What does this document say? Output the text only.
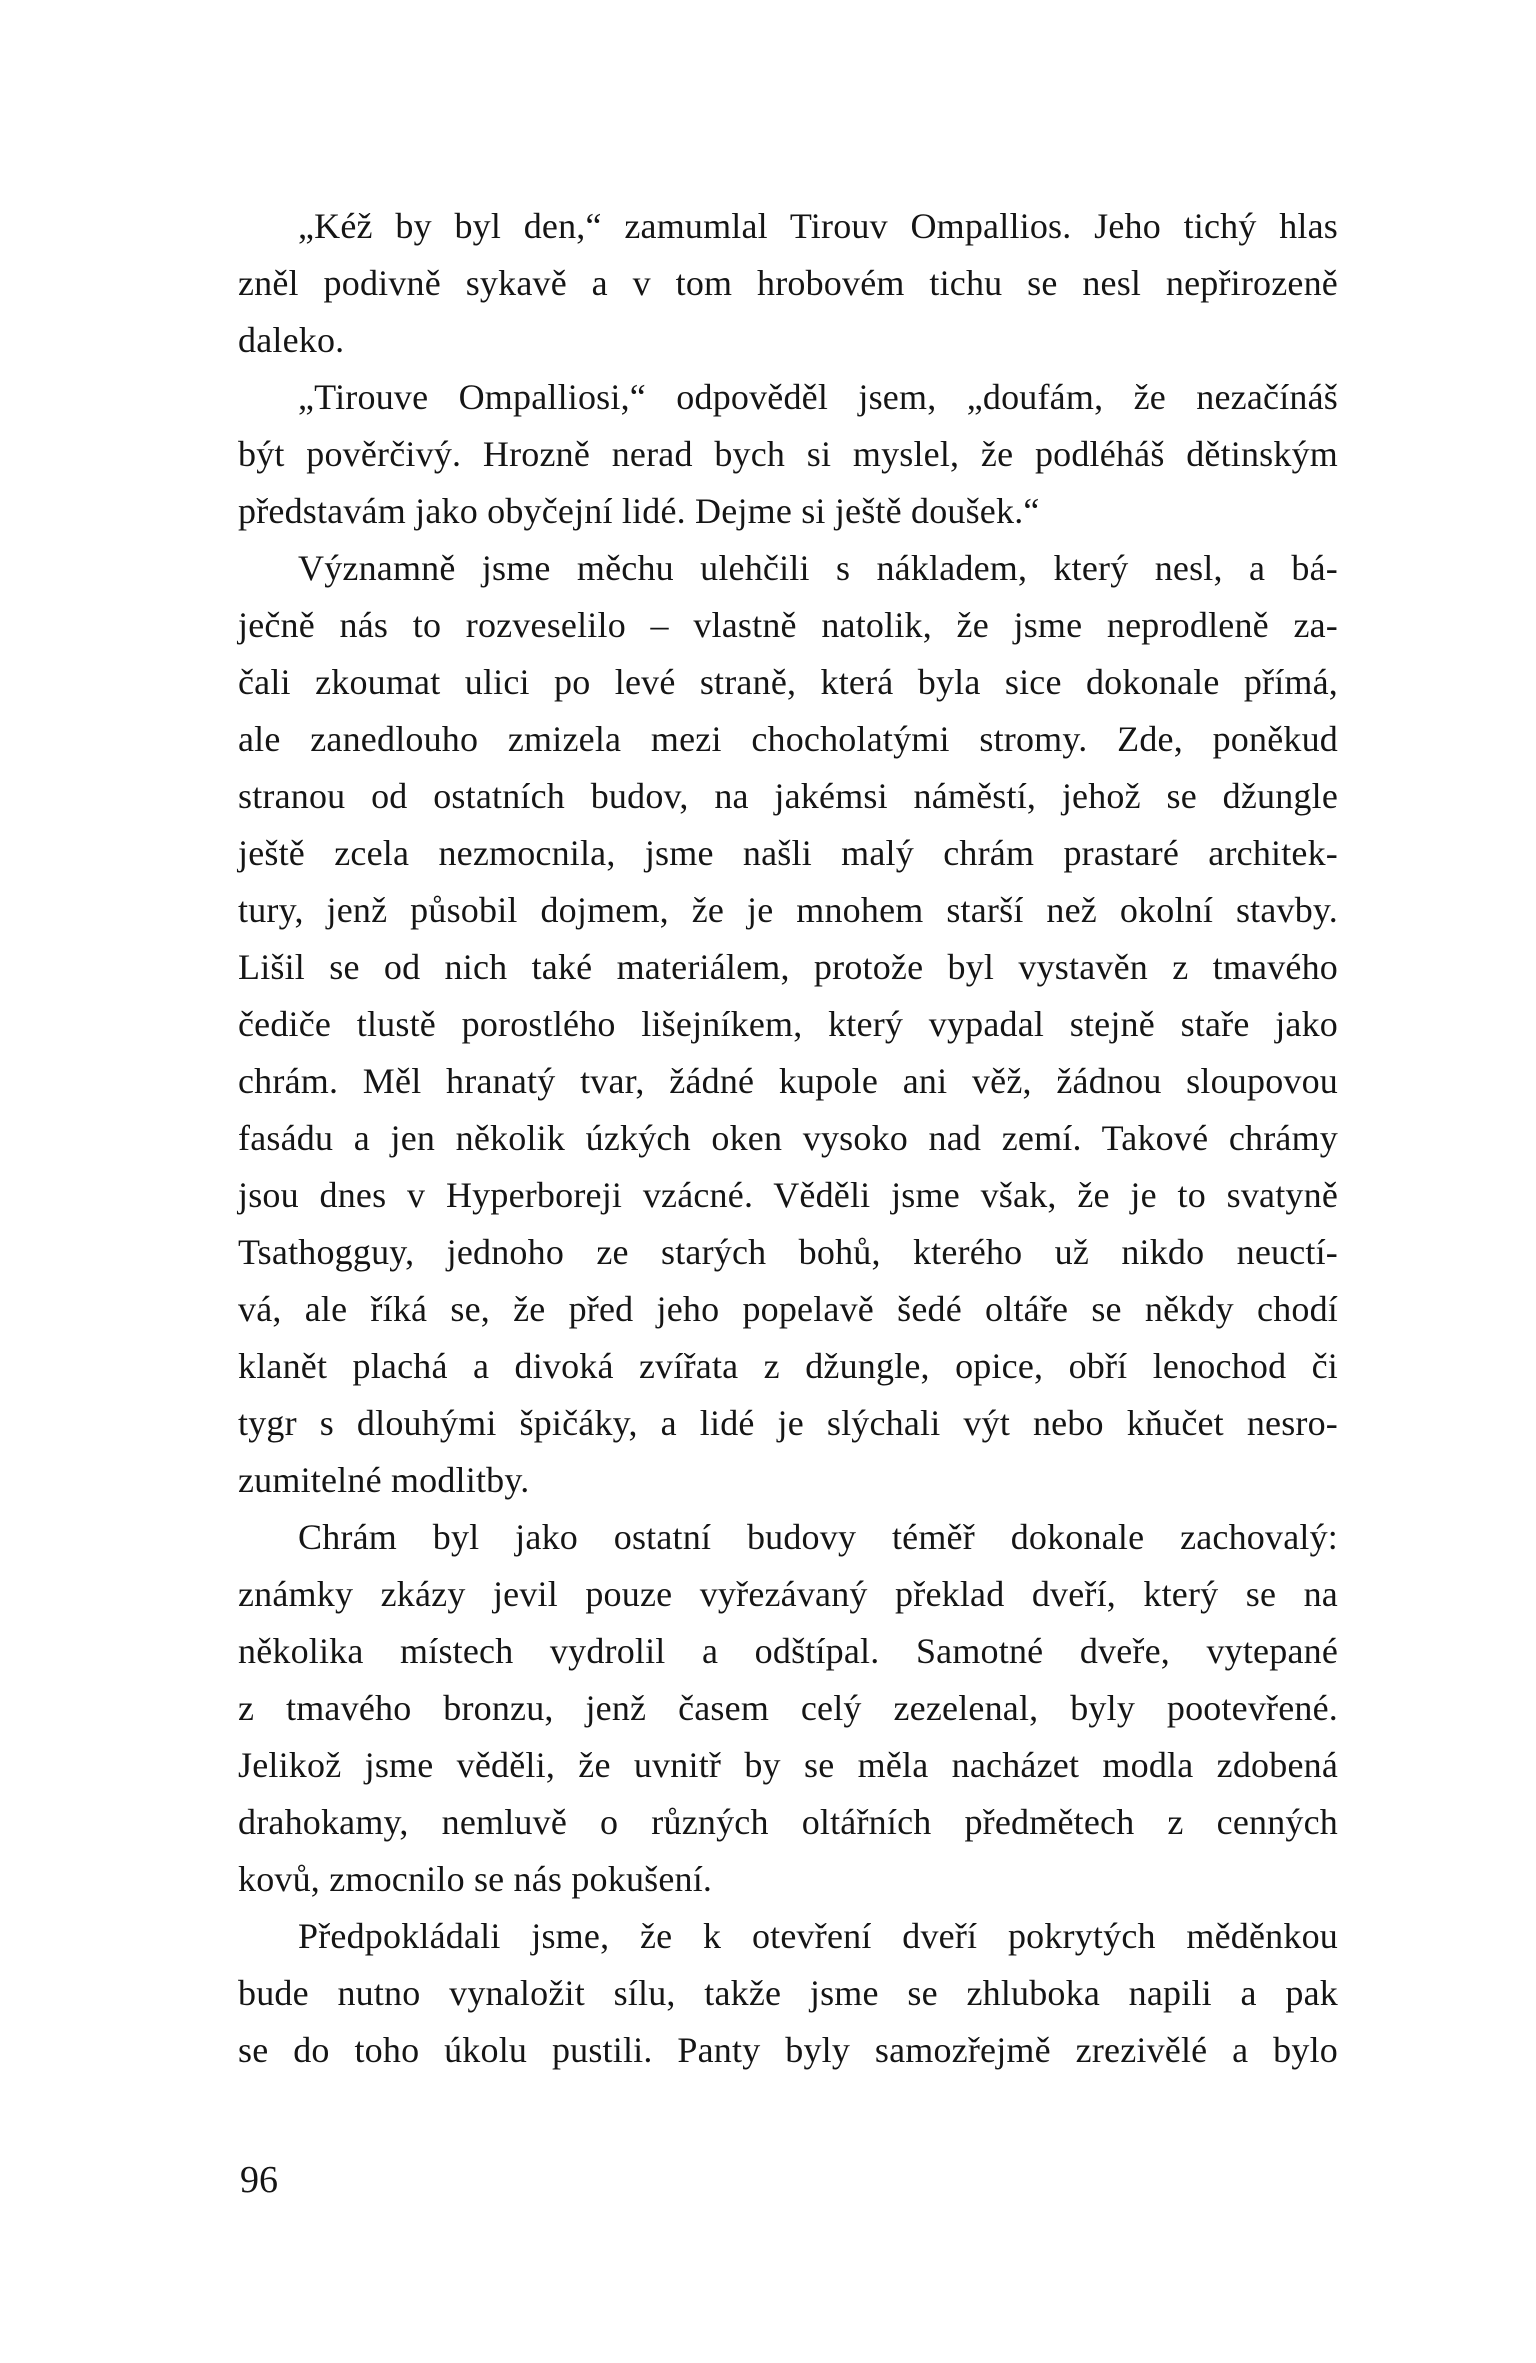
„Kéž by byl den,“ zamumlal Tirouv Ompallios. Jeho tichý hlas
zněl podivně sykavě a v tom hrobovém tichu se nesl nepřirozeně
daleko.
„Tirouve Ompalliosi,“ odpověděl jsem, „doufám, že nezačínáš
být pověrčivý. Hrozně nerad bych si myslel, že podléháš dětinským
představám jako obyčejní lidé. Dejme si ještě doušek.“
Významně jsme měchu ulehčili s nákladem, který nesl, a bá-
ječně nás to rozveselilo – vlastně natolik, že jsme neprodleně za-
čali zkoumat ulici po levé straně, která byla sice dokonale přímá,
ale zanedlouho zmizela mezi chocholatými stromy. Zde, poněkud
stranou od ostatních budov, na jakémsi náměstí, jehož se džungle
ještě zcela nezmocnila, jsme našli malý chrám prastaré architek-
tury, jenž působil dojmem, že je mnohem starší než okolní stavby.
Lišil se od nich také materiálem, protože byl vystavěn z tmavého
čediče tlustě porostlého lišejníkem, který vypadal stejně staře jako
chrám. Měl hranatý tvar, žádné kupole ani věž, žádnou sloupovou
fasádu a jen několik úzkých oken vysoko nad zemí. Takové chrámy
jsou dnes v Hyperboreji vzácné. Věděli jsme však, že je to svatyně
Tsathogguy, jednoho ze starých bohů, kterého už nikdo neuctí-
vá, ale říká se, že před jeho popelavě šedé oltáře se někdy chodí
klanět plachá a divoká zvířata z džungle, opice, obří lenochod či
tygr s dlouhými špičáky, a lidé je slýchali výt nebo kňučet nesro-
zumitelné modlitby.
Chrám byl jako ostatní budovy téměř dokonale zachovalý:
známky zkázy jevil pouze vyřezávaný překlad dveří, který se na
několika místech vydrolil a odštípal. Samotné dveře, vytepané
z tmavého bronzu, jenž časem celý zezelenal, byly pootevřené.
Jelikož jsme věděli, že uvnitř by se měla nacházet modla zdobená
drahokamy, nemluvě o různých oltářních předmětech z cenných
kovů, zmocnilo se nás pokušení.
Předpokládali jsme, že k otevření dveří pokrytých měděnkou
bude nutno vynaložit sílu, takže jsme se zhluboka napili a pak
se do toho úkolu pustili. Panty byly samozřejmě zrezivělé a bylo
96
